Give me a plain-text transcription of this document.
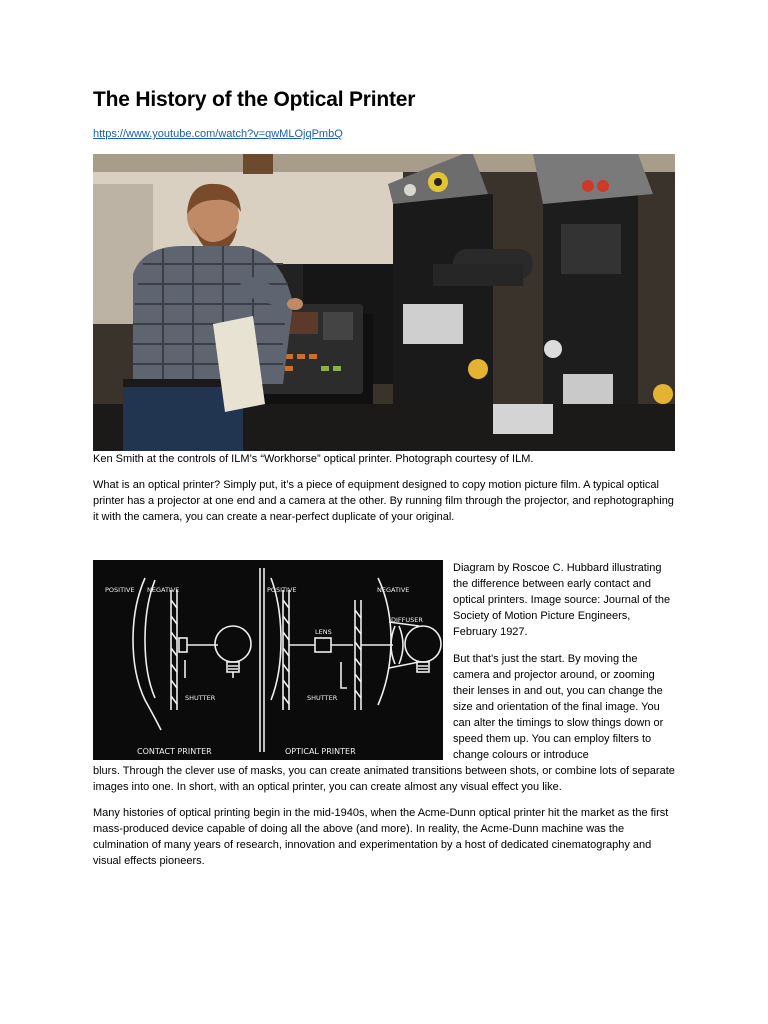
The History of the Optical Printer
https://www.youtube.com/watch?v=qwMLOjqPmbQ
Ken Smith at the controls of ILM’s “Workhorse” optical printer. Photograph courtesy of ILM.
What is an optical printer? Simply put, it’s a piece of equipment designed to copy motion picture film. A typical optical printer has a projector at one end and a camera at the other. By running film through the projector, and rephotographing it with the camera, you can create a near-perfect duplicate of your original.
POSITIVE NEGATIVE
SHUTTER
CONTACT PRINTER
POSITIVE	NEGATIVE
DIFFUSER
LENS
SHUTTER
OPTICAL PRINTER
Diagram by Roscoe C. Hubbard illustrating the difference between early contact and optical printers. Image source: Journal of the Society of Motion Picture Engineers, February 1927.
But that’s just the start. By moving the camera and projector around, or zooming their lenses in and out, you can change the size and orientation of the final image. You can alter the timings to slow things down or speed them up. You can employ filters to change colours or introduce
blurs. Through the clever use of masks, you can create animated transitions between shots, or combine lots of separate images into one. In short, with an optical printer, you can create almost any visual effect you like.
Many histories of optical printing begin in the mid-1940s, when the Acme-Dunn optical printer hit the market as the first mass-produced device capable of doing all the above (and more). In reality, the Acme-Dunn machine was the culmination of many years of research, innovation and experimentation by a host of dedicated cinematography and visual effects pioneers.
